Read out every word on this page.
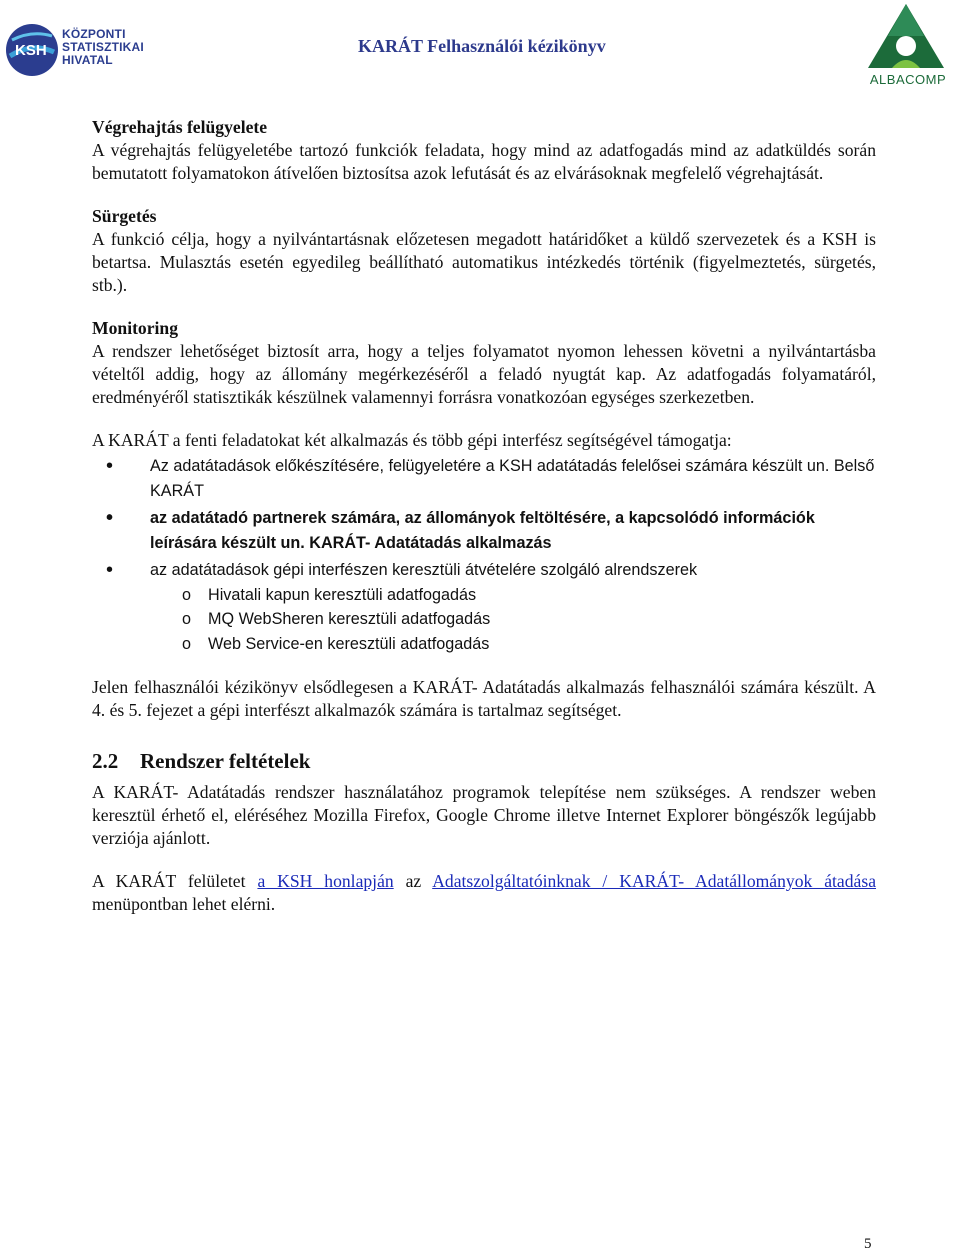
KSH
KÖZPONTI
STATISZTIKAI
HIVATAL
KARÁT Felhasználói kézikönyv
ALBACOMP
Végrehajtás felügyelete

A végrehajtás felügyeletébe tartozó funkciók feladata, hogy mind az adatfogadás mind az adatküldés során bemutatott folyamatokon átívelően biztosítsa azok lefutását és az elvárásoknak megfelelő végrehajtását.

Sürgetés

A funkció célja, hogy a nyilvántartásnak előzetesen megadott határidőket a küldő szervezetek és a KSH is betartsa. Mulasztás esetén egyedileg beállítható automatikus intézkedés történik (figyelmeztetés, sürgetés, stb.).

Monitoring

A rendszer lehetőséget biztosít arra, hogy a teljes folyamatot nyomon lehessen követni a nyilvántartásba vételtől addig, hogy az állomány megérkezéséről a feladó nyugtát kap. Az adatfogadás folyamatáról, eredményéről statisztikák készülnek valamennyi forrásra vonatkozóan egységes szerkezetben.

A KARÁT a fenti feladatokat két alkalmazás és több gépi interfész segítségével támogatja:

• Az adatátadások előkészítésére, felügyeletére a KSH adatátadás felelősei számára készült un. Belső KARÁT
• az adatátadó partnerek számára, az állományok feltöltésére, a kapcsolódó információk leírására készült un. KARÁT- Adatátadás alkalmazás
• az adatátadások gépi interfészen keresztüli átvételére szolgáló alrendszerek
o Hivatali kapun keresztüli adatfogadás
o MQ WebSheren keresztüli adatfogadás
o Web Service-en keresztüli adatfogadás

Jelen felhasználói kézikönyv elsődlegesen a KARÁT- Adatátadás alkalmazás felhasználói számára készült. A 4. és 5. fejezet a gépi interfészt alkalmazók számára is tartalmaz segítséget.

2.2 Rendszer feltételek

A KARÁT- Adatátadás rendszer használatához programok telepítése nem szükséges. A rendszer weben keresztül érhető el, eléréséhez Mozilla Firefox, Google Chrome illetve Internet Explorer böngészők legújabb verziója ajánlott.

A KARÁT felületet a KSH honlapján az Adatszolgáltatóinknak / KARÁT- Adatállományok átadása menüpontban lehet elérni.

5
